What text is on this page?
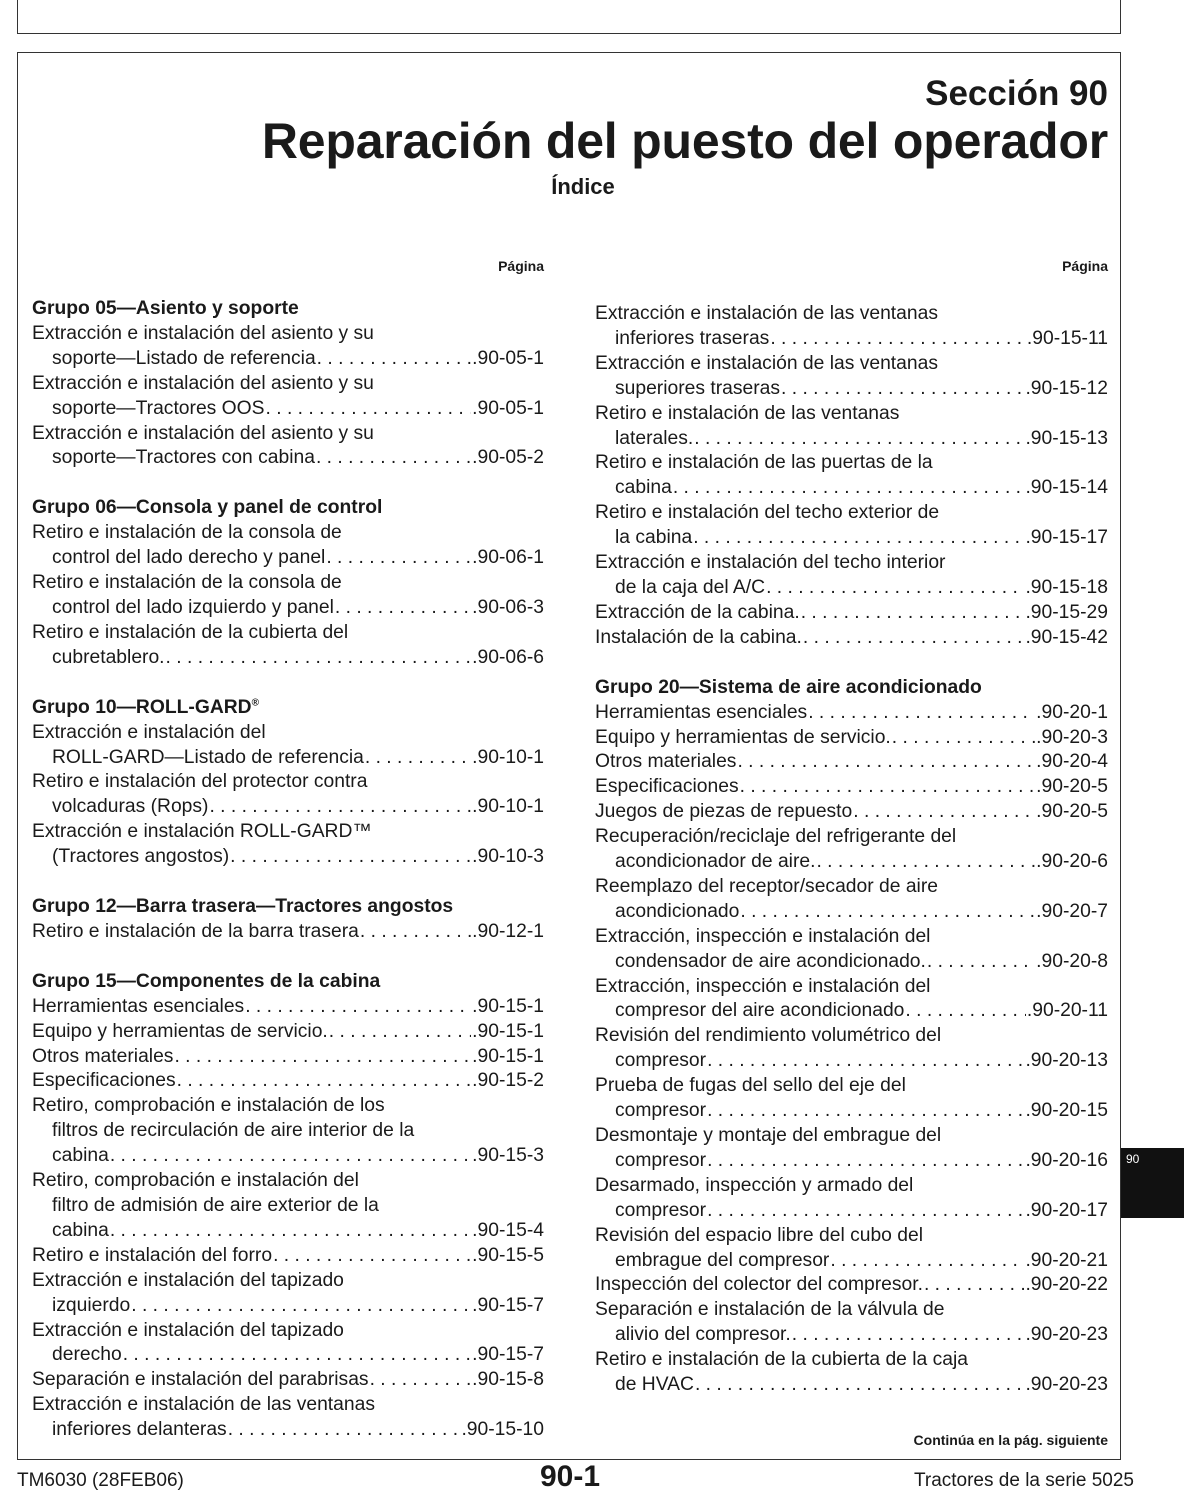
Sección 90
Reparación del puesto del operador
Índice
Página	Página
Grupo 05—Asiento y soporte
Extracción e instalación del asiento y su
soporte—Listado de referencia . . .	.90-05-1
Extracción e instalación del asiento y su
soporte—Tractores OOS . . .	.90-05-1
Extracción e instalación del asiento y su
soporte—Tractores con cabina . . .	.90-05-2
Grupo 06—Consola y panel de control
Retiro e instalación de la consola de
control del lado derecho y panel . . .	.90-06-1
Retiro e instalación de la consola de
control del lado izquierdo y panel . . .	.90-06-3
Retiro e instalación de la cubierta del
cubretablero. . . .	.90-06-6
Grupo 10—ROLL-GARD®
Extracción e instalación del
ROLL-GARD—Listado de referencia . . .	.90-10-1
Retiro e instalación del protector contra
volcaduras (Rops) . . .	.90-10-1
Extracción e instalación ROLL-GARD™
(Tractores angostos) . . .	.90-10-3
Grupo 12—Barra trasera—Tractores angostos
Retiro e instalación de la barra trasera . . .	.90-12-1
Grupo 15—Componentes de la cabina
Herramientas esenciales . . .	.90-15-1
Equipo y herramientas de servicio. . . .	.90-15-1
Otros materiales . . .	.90-15-1
Especificaciones . . .	.90-15-2
Retiro, comprobación e instalación de los
filtros de recirculación de aire interior de la
cabina . . .	.90-15-3
Retiro, comprobación e instalación del
filtro de admisión de aire exterior de la
cabina . . .	.90-15-4
Retiro e instalación del forro . . .	.90-15-5
Extracción e instalación del tapizado
izquierdo . . .	.90-15-7
Extracción e instalación del tapizado
derecho . . .	.90-15-7
Separación e instalación del parabrisas . . .	.90-15-8
Extracción e instalación de las ventanas
inferiores delanteras . . .	.90-15-10
Extracción e instalación de las ventanas
inferiores traseras . . .	.90-15-11
Extracción e instalación de las ventanas
superiores traseras . . .	.90-15-12
Retiro e instalación de las ventanas
laterales. . . .	.90-15-13
Retiro e instalación de las puertas de la
cabina . . .	.90-15-14
Retiro e instalación del techo exterior de
la cabina . . .	.90-15-17
Extracción e instalación del techo interior
de la caja del A/C . . .	.90-15-18
Extracción de la cabina. . . .	.90-15-29
Instalación de la cabina. . . .	.90-15-42
Grupo 20—Sistema de aire acondicionado
Herramientas esenciales . . .	.90-20-1
Equipo y herramientas de servicio. . . .	.90-20-3
Otros materiales . . .	.90-20-4
Especificaciones . . .	.90-20-5
Juegos de piezas de repuesto . . .	.90-20-5
Recuperación/reciclaje del refrigerante del
acondicionador de aire. . . .	.90-20-6
Reemplazo del receptor/secador de aire
acondicionado . . .	.90-20-7
Extracción, inspección e instalación del
condensador de aire acondicionado. . . .	.90-20-8
Extracción, inspección e instalación del
compresor del aire acondicionado . . .	.90-20-11
Revisión del rendimiento volumétrico del
compresor . . .	.90-20-13
Prueba de fugas del sello del eje del
compresor . . .	.90-20-15
Desmontaje y montaje del embrague del
compresor . . .	.90-20-16
Desarmado, inspección y armado del
compresor . . .	.90-20-17
Revisión del espacio libre del cubo del
embrague del compresor . . .	.90-20-21
Inspección del colector del compresor. . . .	.90-20-22
Separación e instalación de la válvula de
alivio del compresor. . . .	.90-20-23
Retiro e instalación de la cubierta de la caja
de HVAC . . .	.90-20-23
90
Continúa en la pág. siguiente
TM6030 (28FEB06)	90-1	Tractores de la serie 5025
